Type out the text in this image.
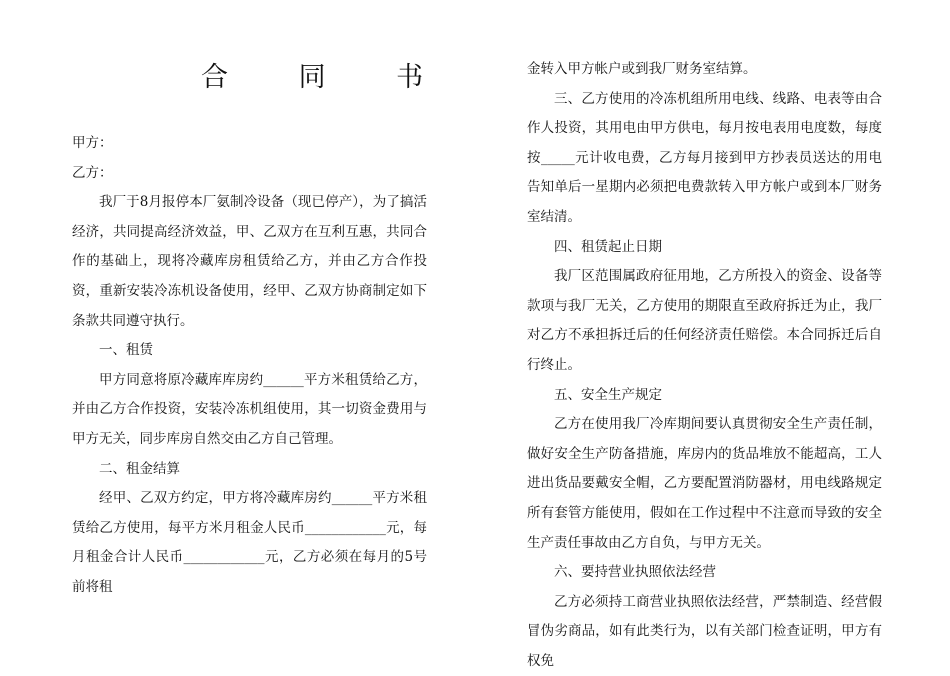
合 同 书

甲方：

乙方：

我厂于8月报停本厂氨制冷设备（现已停产），为了搞活经济，共同提高经济效益，甲、乙双方在互利互惠，共同合作的基础上，现将冷藏库房租赁给乙方，并由乙方合作投资，重新安装冷冻机设备使用，经甲、乙双方协商制定如下条款共同遵守执行。

一、租赁

甲方同意将原冷藏库库房约______平方米租赁给乙方，并由乙方合作投资，安装冷冻机组使用，其一切资金费用与甲方无关，同步库房自然交由乙方自己管理。

二、租金结算

经甲、乙双方约定，甲方将冷藏库房约______平方米租赁给乙方使用，每平方米月租金人民币____________元，每月租金合计人民币____________元，乙方必须在每月的5号前将租

金转入甲方帐户或到我厂财务室结算。

三、乙方使用的冷冻机组所用电线、线路、电表等由合作人投资，其用电由甲方供电，每月按电表用电度数，每度按_____元计收电费，乙方每月接到甲方抄表员送达的用电告知单后一星期内必须把电费款转入甲方帐户或到本厂财务室结清。

四、租赁起止日期

我厂区范围属政府征用地，乙方所投入的资金、设备等款项与我厂无关，乙方使用的期限直至政府拆迁为止，我厂对乙方不承担拆迁后的任何经济责任赔偿。本合同拆迁后自行终止。

五、安全生产规定

乙方在使用我厂冷库期间要认真贯彻安全生产责任制，做好安全生产防备措施，库房内的货品堆放不能超高，工人进出货品要戴安全帽，乙方要配置消防器材，用电线路规定所有套管方能使用，假如在工作过程中不注意而导致的安全生产责任事故由乙方自负，与甲方无关。

六、要持营业执照依法经营

乙方必须持工商营业执照依法经营，严禁制造、经营假冒伪劣商品，如有此类行为，以有关部门检查证明，甲方有权免
